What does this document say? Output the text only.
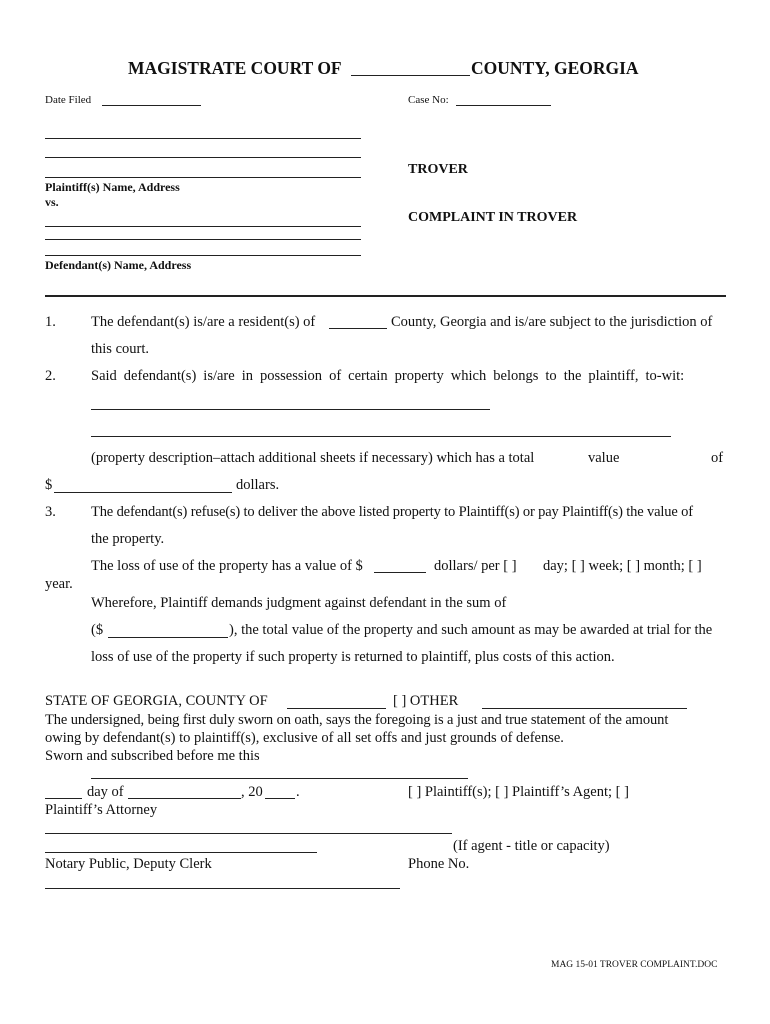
MAGISTRATE COURT OF	COUNTY, GEORGIA
Date Filed	Case No:
Plaintiff(s) Name, Address
vs.
TROVER
COMPLAINT IN TROVER
Defendant(s) Name, Address
1. The defendant(s) is/are a resident(s) of	County, Georgia and is/are subject to the jurisdiction of
this court.
2. Said defendant(s) is/are in possession of certain property which belongs to the plaintiff, to-wit:
(property description–attach additional sheets if necessary) which has a total	value	of
$	dollars.
3. The defendant(s) refuse(s) to deliver the above listed property to Plaintiff(s) or pay Plaintiff(s) the value of
the property.
The loss of use of the property has a value of $	dollars/ per [ ] day; [ ] week; [ ] month; [ ]
year.
Wherefore, Plaintiff demands judgment against defendant in the sum of
($	), the total value of the property and such amount as may be awarded at trial for the
loss of use of the property if such property is returned to plaintiff, plus costs of this action.
STATE OF GEORGIA, COUNTY OF	[ ] OTHER
The undersigned, being first duly sworn on oath, says the foregoing is a just and true statement of the amount
owing by defendant(s) to plaintiff(s), exclusive of all set offs and just grounds of defense.
Sworn and subscribed before me this
day of	, 20 .	[ ] Plaintiff(s); [ ] Plaintiff’s Agent; [ ]
Plaintiff’s Attorney
(If agent - title or capacity)
Notary Public, Deputy Clerk	Phone No.
MAG 15-01 TROVER COMPLAINT.DOC
